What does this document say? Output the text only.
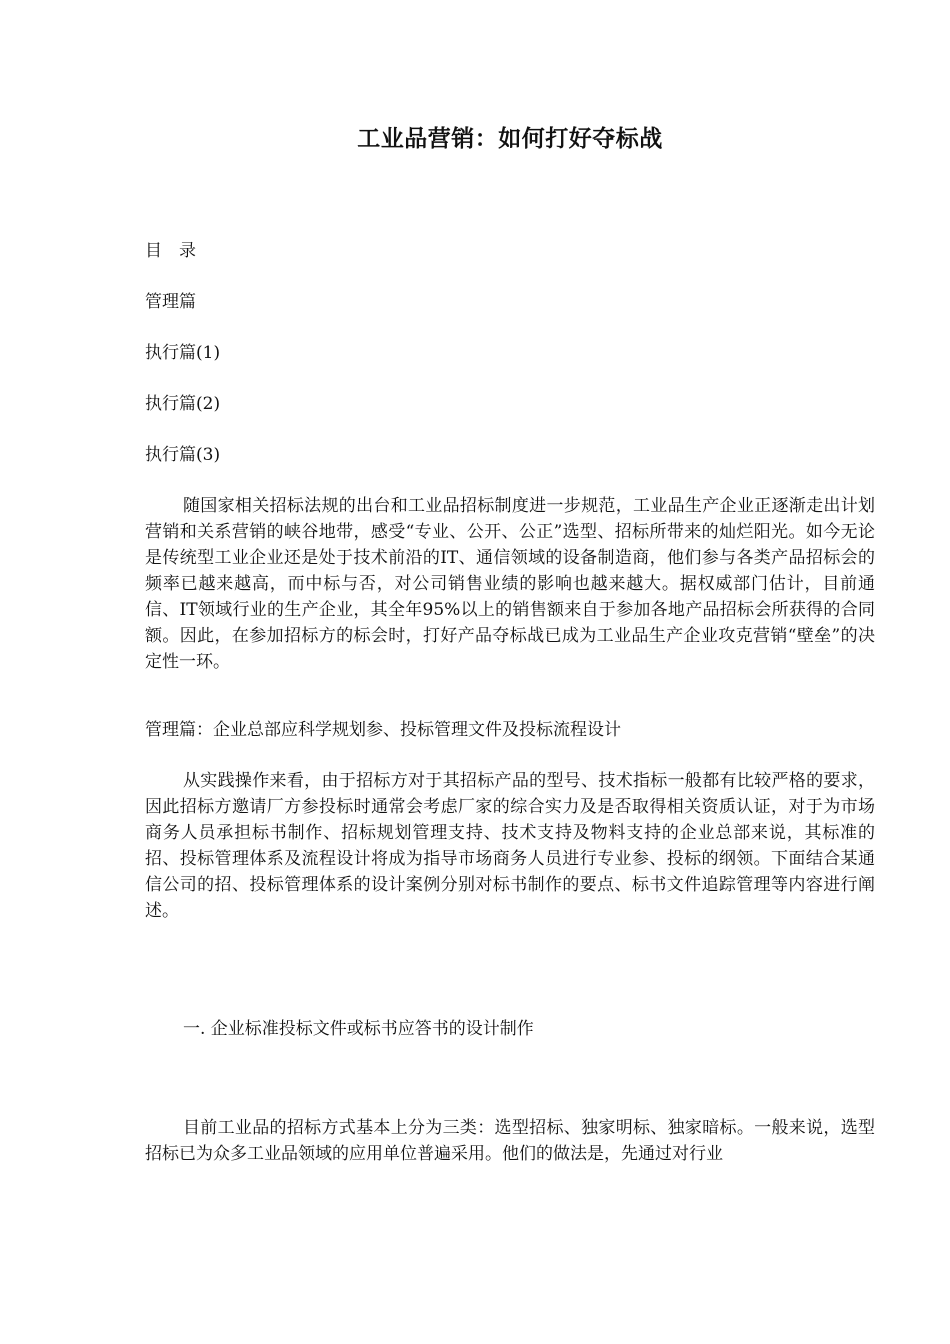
工业品营销：如何打好夺标战
目　录
管理篇
执行篇(1)
执行篇(2)
执行篇(3)
随国家相关招标法规的出台和工业品招标制度进一步规范，工业品生产企业正逐渐走出计划营销和关系营销的峡谷地带，感受“专业、公开、公正”选型、招标所带来的灿烂阳光。如今无论是传统型工业企业还是处于技术前沿的IT、通信领域的设备制造商，他们参与各类产品招标会的频率已越来越高，而中标与否，对公司销售业绩的影响也越来越大。据权威部门估计，目前通信、IT领域行业的生产企业，其全年95%以上的销售额来自于参加各地产品招标会所获得的合同额。因此，在参加招标方的标会时，打好产品夺标战已成为工业品生产企业攻克营销“壁垒”的决定性一环。
管理篇：企业总部应科学规划参、投标管理文件及投标流程设计
从实践操作来看，由于招标方对于其招标产品的型号、技术指标一般都有比较严格的要求，因此招标方邀请厂方参投标时通常会考虑厂家的综合实力及是否取得相关资质认证，对于为市场商务人员承担标书制作、招标规划管理支持、技术支持及物料支持的企业总部来说，其标准的招、投标管理体系及流程设计将成为指导市场商务人员进行专业参、投标的纲领。下面结合某通信公司的招、投标管理体系的设计案例分别对标书制作的要点、标书文件追踪管理等内容进行阐述。
一. 企业标准投标文件或标书应答书的设计制作
目前工业品的招标方式基本上分为三类：选型招标、独家明标、独家暗标。一般来说，选型招标已为众多工业品领域的应用单位普遍采用。他们的做法是，先通过对行业
